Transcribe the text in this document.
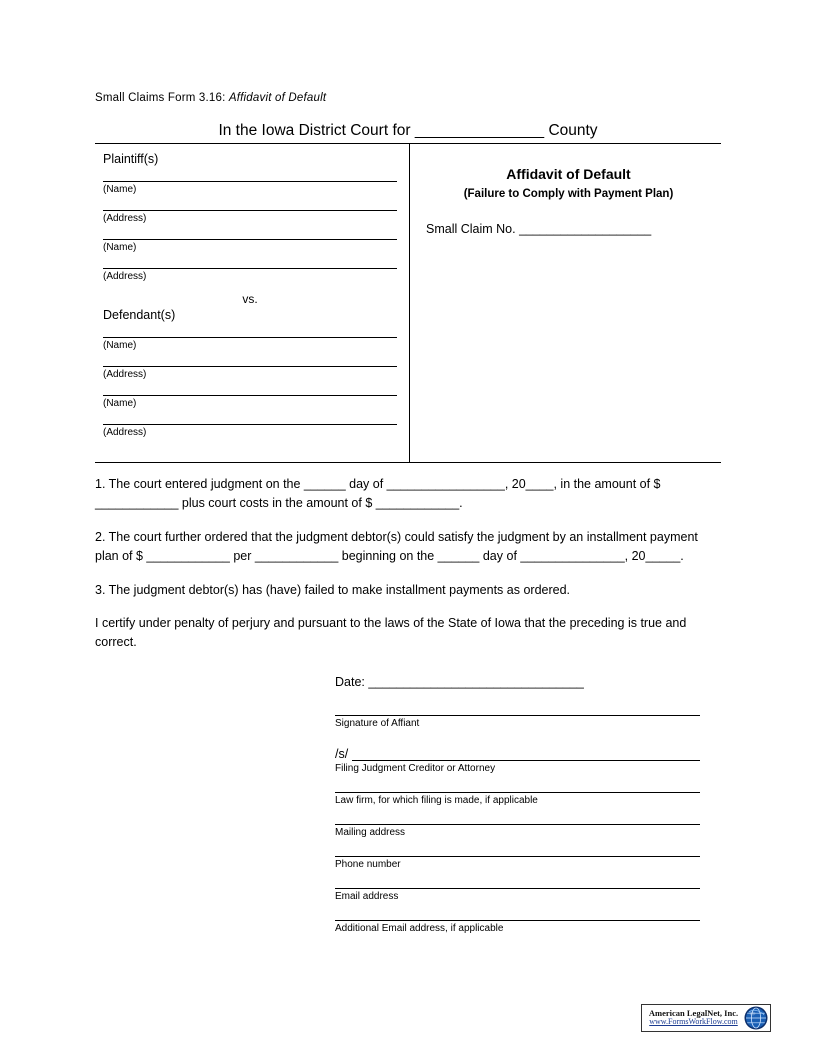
Small Claims Form 3.16: Affidavit of Default
In the Iowa District Court for _______________ County
Plaintiff(s)
(Name)
(Address)
(Name)
(Address)
vs.
Defendant(s)
(Name)
(Address)
(Name)
(Address)
Affidavit of Default
(Failure to Comply with Payment Plan)
Small Claim No. ___________________
1. The court entered judgment on the ______ day of _________________, 20____, in the amount of $ ____________ plus court costs in the amount of $ ____________.
2. The court further ordered that the judgment debtor(s) could satisfy the judgment by an installment payment plan of $ ____________ per ____________ beginning on the ______ day of _______________, 20_____.
3. The judgment debtor(s) has (have) failed to make installment payments as ordered.
I certify under penalty of perjury and pursuant to the laws of the State of Iowa that the preceding is true and correct.
Date: _______________________________
Signature of Affiant
/s/
Filing Judgment Creditor or Attorney
Law firm, for which filing is made, if applicable
Mailing address
Phone number
Email address
Additional Email address, if applicable
American LegalNet, Inc.
www.FormsWorkFlow.com
